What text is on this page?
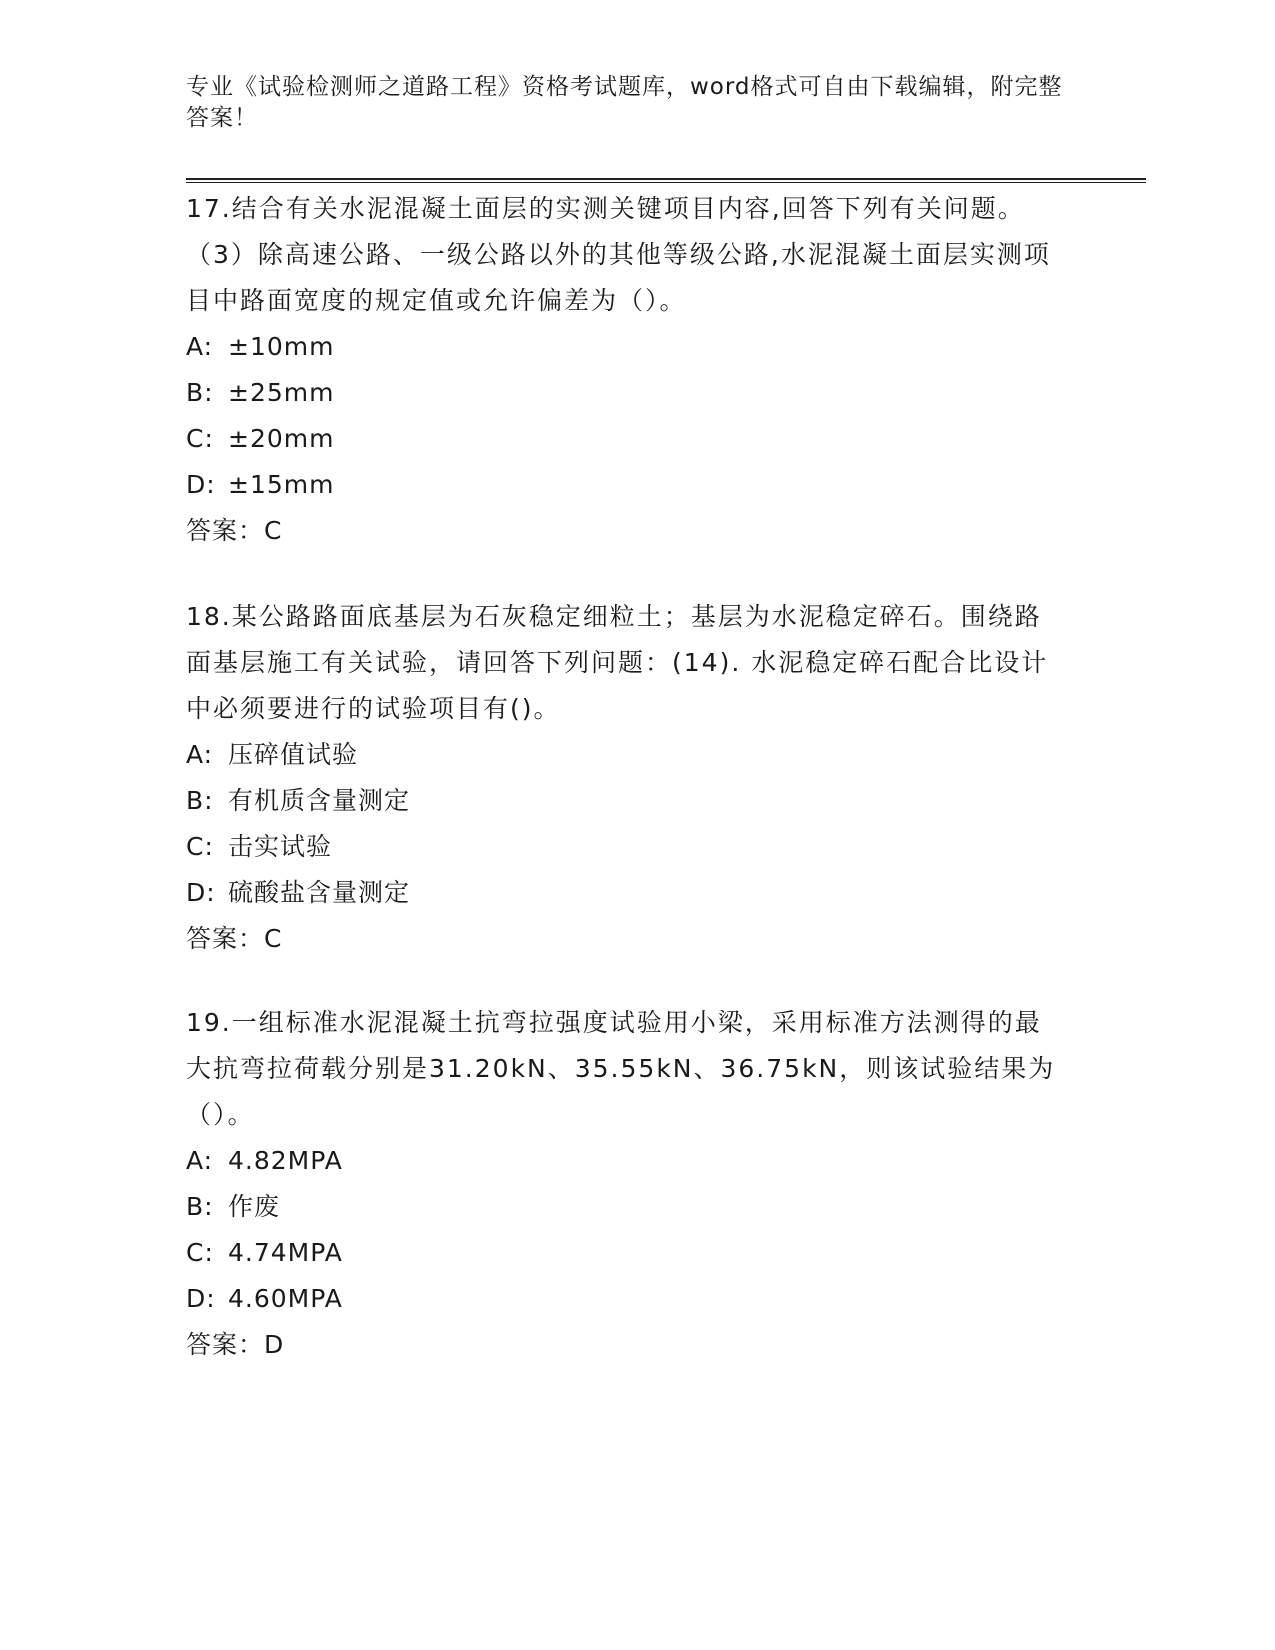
专业《试验检测师之道路工程》资格考试题库，word格式可自由下载编辑，附完整答案！

17.结合有关水泥混凝土面层的实测关键项目内容,回答下列有关问题。（3）除高速公路、一级公路以外的其他等级公路,水泥混凝土面层实测项目中路面宽度的规定值或允许偏差为（）。

A: ±10mm
B: ±25mm
C: ±20mm
D: ±15mm

答案：C

18.某公路路面底基层为石灰稳定细粒土；基层为水泥稳定碎石。围绕路面基层施工有关试验，请回答下列问题：(14). 水泥稳定碎石配合比设计中必须要进行的试验项目有()。

A: 压碎值试验
B: 有机质含量测定
C: 击实试验
D: 硫酸盐含量测定

答案：C

19.一组标准水泥混凝土抗弯拉强度试验用小梁，采用标准方法测得的最大抗弯拉荷载分别是31.20kN、35.55kN、36.75kN，则该试验结果为（）。

A: 4.82MPA
B: 作废
C: 4.74MPA
D: 4.60MPA

答案：D
